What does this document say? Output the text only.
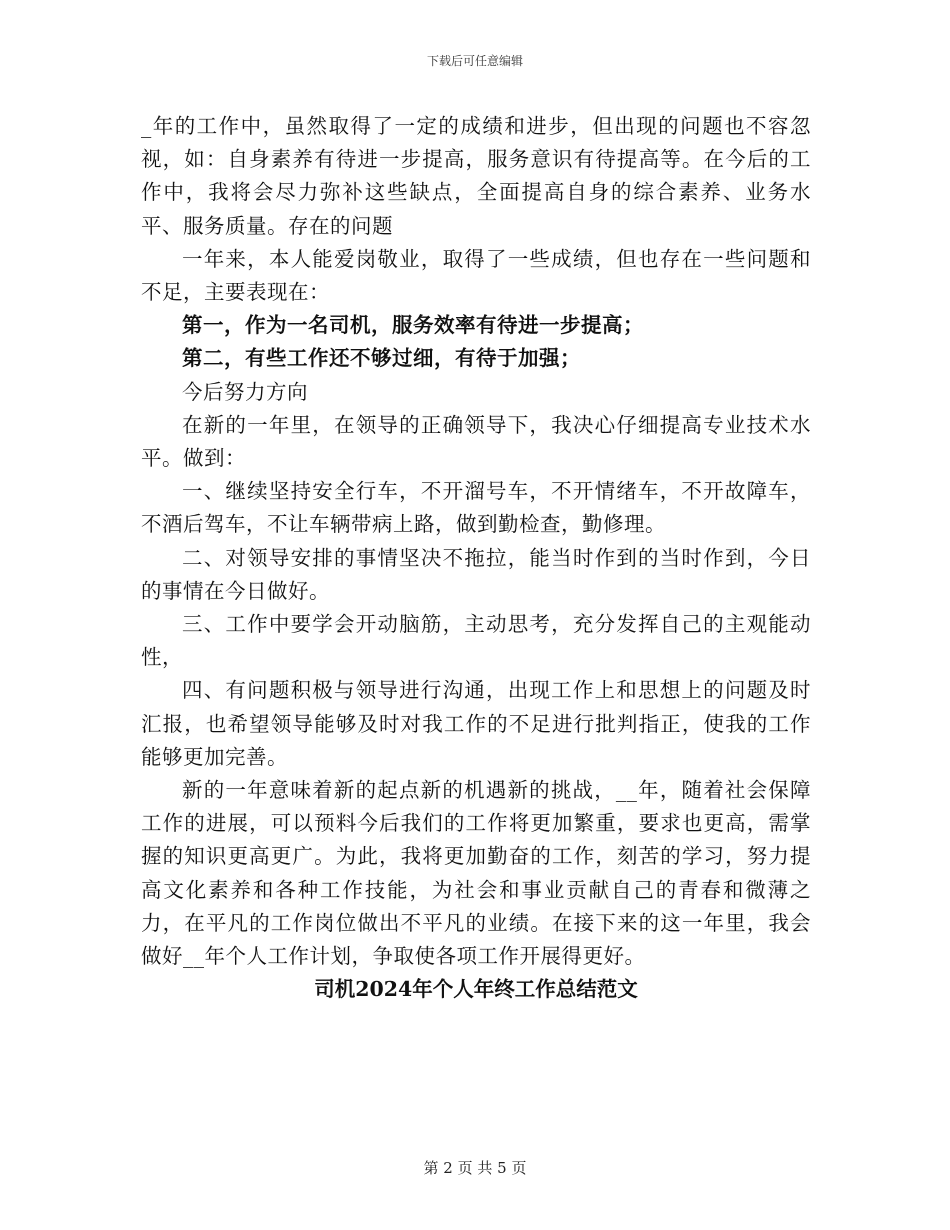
下载后可任意编辑

_年的工作中，虽然取得了一定的成绩和进步，但出现的问题也不容忽视，如：自身素养有待进一步提高，服务意识有待提高等。在今后的工作中，我将会尽力弥补这些缺点，全面提高自身的综合素养、业务水平、服务质量。存在的问题

一年来，本人能爱岗敬业，取得了一些成绩，但也存在一些问题和不足，主要表现在：

第一，作为一名司机，服务效率有待进一步提高；

第二，有些工作还不够过细，有待于加强；

今后努力方向

在新的一年里，在领导的正确领导下，我决心仔细提高专业技术水平。做到：

一、继续坚持安全行车，不开溜号车，不开情绪车，不开故障车，不酒后驾车，不让车辆带病上路，做到勤检查，勤修理。

二、对领导安排的事情坚决不拖拉，能当时作到的当时作到，今日的事情在今日做好。

三、工作中要学会开动脑筋，主动思考，充分发挥自己的主观能动性，

四、有问题积极与领导进行沟通，出现工作上和思想上的问题及时汇报，也希望领导能够及时对我工作的不足进行批判指正，使我的工作能够更加完善。

新的一年意味着新的起点新的机遇新的挑战，__年，随着社会保障工作的进展，可以预料今后我们的工作将更加繁重，要求也更高，需掌握的知识更高更广。为此，我将更加勤奋的工作，刻苦的学习，努力提高文化素养和各种工作技能，为社会和事业贡献自己的青春和微薄之力，在平凡的工作岗位做出不平凡的业绩。在接下来的这一年里，我会做好__年个人工作计划，争取使各项工作开展得更好。

司机2024年个人年终工作总结范文

第 2 页 共 5 页
